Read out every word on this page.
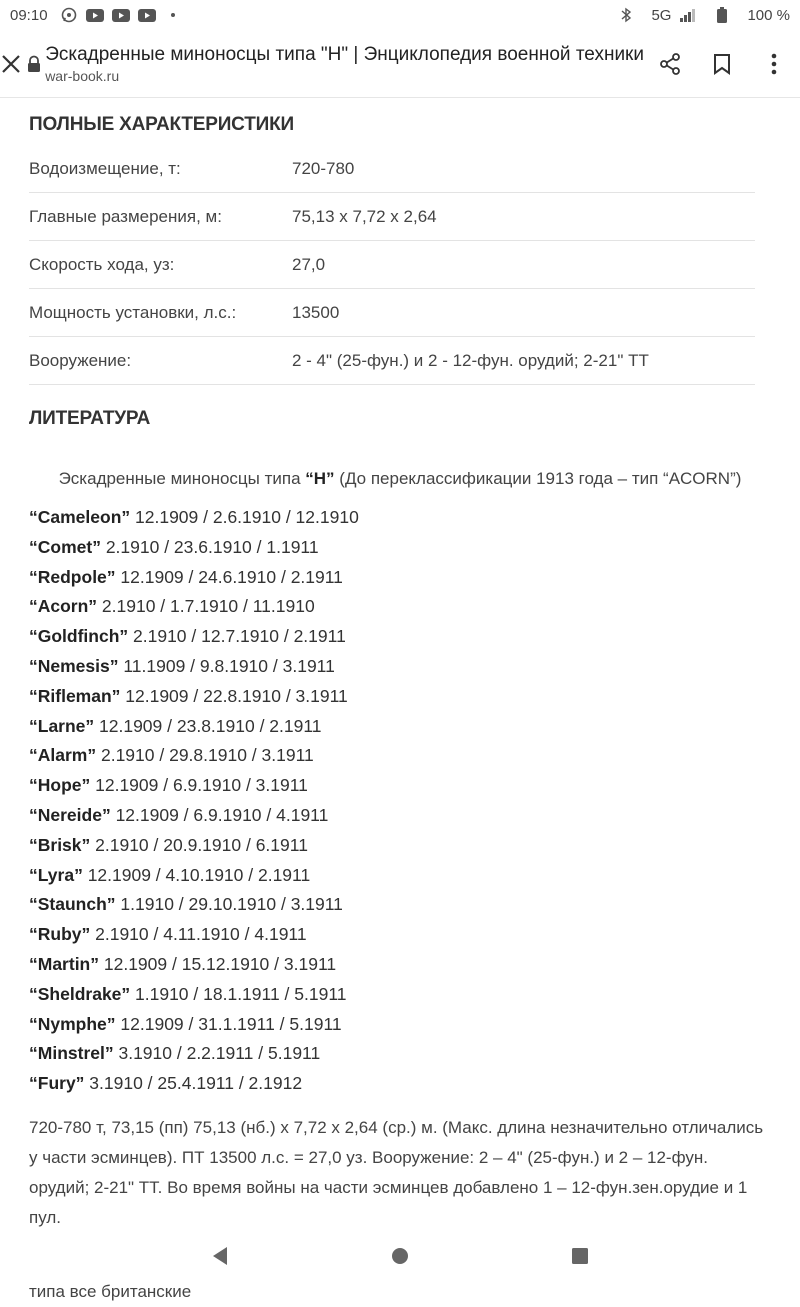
09:10	5G	100 %
Эскадренные миноносцы типа "H" | Энциклопедия военной техники
war-book.ru
ПОЛНЫЕ ХАРАКТЕРИСТИКИ
Водоизмещение, т:	720-780
Главные размерения, м:	75,13 x 7,72 x 2,64
Скорость хода, уз:	27,0
Мощность установки, л.с.:	13500
Вооружение:	2 - 4" (25-фун.) и 2 - 12-фун. орудий; 2-21" ТТ
ЛИТЕРАТУРА
Эскадренные миноносцы типа “H” (До переклассификации 1913 года – тип “ACORN”)
“Cameleon” 12.1909 / 2.6.1910 / 12.1910
“Comet” 2.1910 / 23.6.1910 / 1.1911
“Redpole” 12.1909 / 24.6.1910 / 2.1911
“Acorn” 2.1910 / 1.7.1910 / 11.1910
“Goldfinch” 2.1910 / 12.7.1910 / 2.1911
“Nemesis” 11.1909 / 9.8.1910 / 3.1911
“Rifleman” 12.1909 / 22.8.1910 / 3.1911
“Larne” 12.1909 / 23.8.1910 / 2.1911
“Alarm” 2.1910 / 29.8.1910 / 3.1911
“Hope” 12.1909 / 6.9.1910 / 3.1911
“Nereide” 12.1909 / 6.9.1910 / 4.1911
“Brisk” 2.1910 / 20.9.1910 / 6.1911
“Lyra” 12.1909 / 4.10.1910 / 2.1911
“Staunch” 1.1910 / 29.10.1910 / 3.1911
“Ruby” 2.1910 / 4.11.1910 / 4.1911
“Martin” 12.1909 / 15.12.1910 / 3.1911
“Sheldrake” 1.1910 / 18.1.1911 / 5.1911
“Nymphe” 12.1909 / 31.1.1911 / 5.1911
“Minstrel” 3.1910 / 2.2.1911 / 5.1911
“Fury” 3.1910 / 25.4.1911 / 2.1912

720-780 т, 73,15 (пп) 75,13 (нб.) х 7,72 х 2,64 (ср.) м. (Макс. длина незначительно отличались у части эсминцев). ПТ 13500 л.с. = 27,0 уз. Вооружение: 2 – 4" (25-фун.) и 2 – 12-фун. орудий; 2-21" ТТ. Во время войны на части эсминцев добавлено 1 – 12-фун.зен.орудие и 1 пул.

типа все британские
